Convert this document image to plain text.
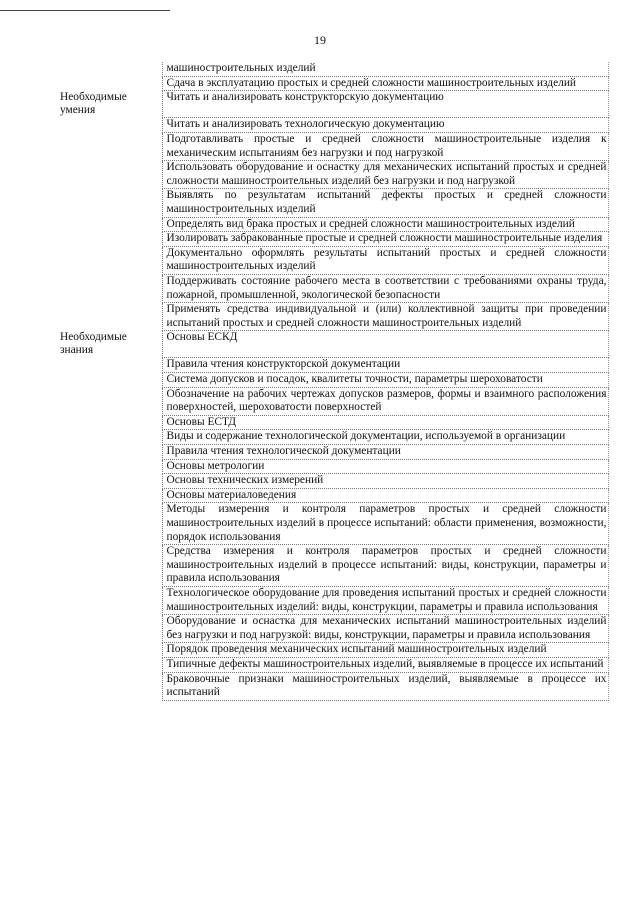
19
	машиностроительных изделий
	Сдача в эксплуатацию простых и средней сложности машиностроительных изделий
Необходимые умения	Читать и анализировать конструкторскую документацию
	Читать и анализировать технологическую документацию
	Подготавливать простые и средней сложности машиностроительные изделия к механическим испытаниям без нагрузки и под нагрузкой
	Использовать оборудование и оснастку для механических испытаний простых и средней сложности машиностроительных изделий без нагрузки и под нагрузкой
	Выявлять по результатам испытаний дефекты простых и средней сложности машиностроительных изделий
	Определять вид брака простых и средней сложности машиностроительных изделий
	Изолировать забракованные простые и средней сложности машиностроительные изделия
	Документально оформлять результаты испытаний простых и средней сложности машиностроительных изделий
	Поддерживать состояние рабочего места в соответствии с требованиями охраны труда, пожарной, промышленной, экологической безопасности
	Применять средства индивидуальной и (или) коллективной защиты при проведении испытаний простых и средней сложности машиностроительных изделий
Необходимые знания	Основы ЕСКД
	Правила чтения конструкторской документации
	Система допусков и посадок, квалитеты точности, параметры шероховатости
	Обозначение на рабочих чертежах допусков размеров, формы и взаимного расположения поверхностей, шероховатости поверхностей
	Основы ЕСТД
	Виды и содержание технологической документации, используемой в организации
	Правила чтения технологической документации
	Основы метрологии
	Основы технических измерений
	Основы материаловедения
	Методы измерения и контроля параметров простых и средней сложности машиностроительных изделий в процессе испытаний: области применения, возможности, порядок использования
	Средства измерения и контроля параметров простых и средней сложности машиностроительных изделий в процессе испытаний: виды, конструкции, параметры и правила использования
	Технологическое оборудование для проведения испытаний простых и средней сложности машиностроительных изделий: виды, конструкции, параметры и правила использования
	Оборудование и оснастка для механических испытаний машиностроительных изделий без нагрузки и под нагрузкой: виды, конструкции, параметры и правила использования
	Порядок проведения механических испытаний машиностроительных изделий
	Типичные дефекты машиностроительных изделий, выявляемые в процессе их испытаний
	Браковочные признаки машиностроительных изделий, выявляемые в процессе их испытаний
